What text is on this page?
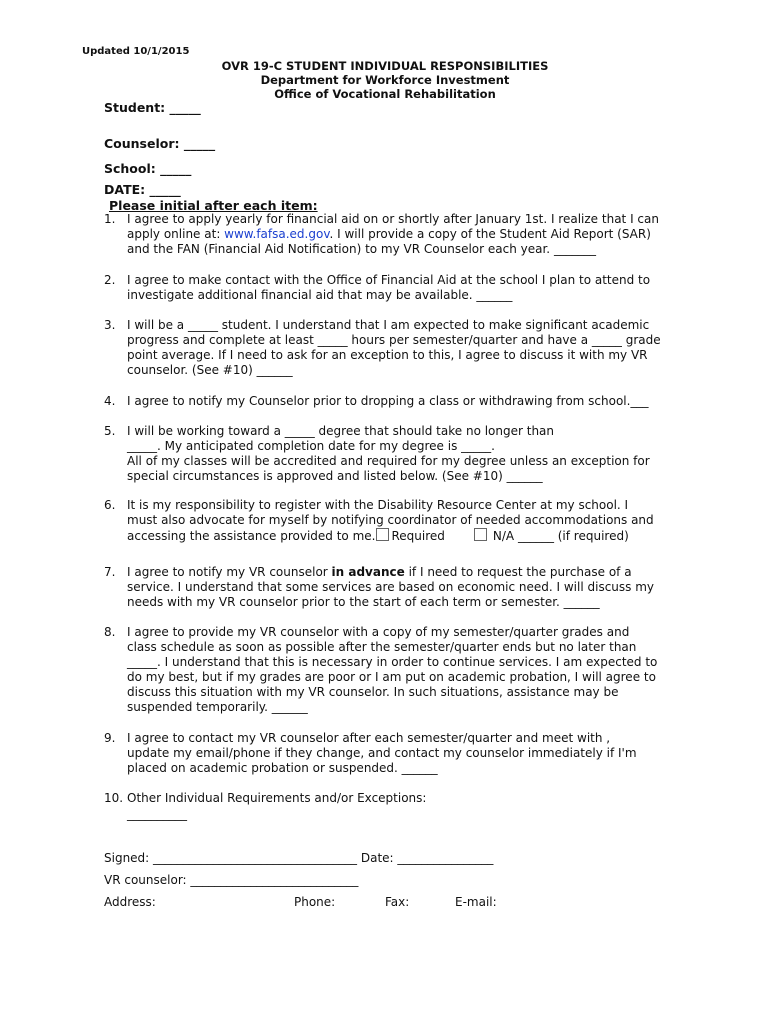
Updated 10/1/2015
OVR 19-C STUDENT INDIVIDUAL RESPONSIBILITIES
Department for Workforce Investment
Office of Vocational Rehabilitation
Student: _____
Counselor: _____
School: _____
DATE: _____
Please initial after each item:
1. I agree to apply yearly for financial aid on or shortly after January 1st. I realize that I can
apply online at: www.fafsa.ed.gov. I will provide a copy of the Student Aid Report (SAR)
and the FAN (Financial Aid Notification) to my VR Counselor each year. _______
2. I agree to make contact with the Office of Financial Aid at the school I plan to attend to
investigate additional financial aid that may be available. ______
3. I will be a _____ student. I understand that I am expected to make significant academic
progress and complete at least _____ hours per semester/quarter and have a _____ grade
point average. If I need to ask for an exception to this, I agree to discuss it with my VR
counselor. (See #10) ______
4. I agree to notify my Counselor prior to dropping a class or withdrawing from school.___
5. I will be working toward a _____ degree that should take no longer than
_____. My anticipated completion date for my degree is _____.
All of my classes will be accredited and required for my degree unless an exception for
special circumstances is approved and listed below. (See #10) ______
6. It is my responsibility to register with the Disability Resource Center at my school. I
must also advocate for myself by notifying coordinator of needed accommodations and
accessing the assistance provided to me. Required	N/A ______ (if required)
7. I agree to notify my VR counselor in advance if I need to request the purchase of a
service. I understand that some services are based on economic need. I will discuss my
needs with my VR counselor prior to the start of each term or semester. ______
8. I agree to provide my VR counselor with a copy of my semester/quarter grades and
class schedule as soon as possible after the semester/quarter ends but no later than
_____. I understand that this is necessary in order to continue services. I am expected to
do my best, but if my grades are poor or I am put on academic probation, I will agree to
discuss this situation with my VR counselor. In such situations, assistance may be
suspended temporarily. ______
9. I agree to contact my VR counselor after each semester/quarter and meet with ,
update my email/phone if they change, and contact my counselor immediately if I'm
placed on academic probation or suspended. ______
10. Other Individual Requirements and/or Exceptions:
__________
Signed: __________________________________ Date: ________________
VR counselor: ____________________________
Address:	Phone:	Fax:	E-mail:
